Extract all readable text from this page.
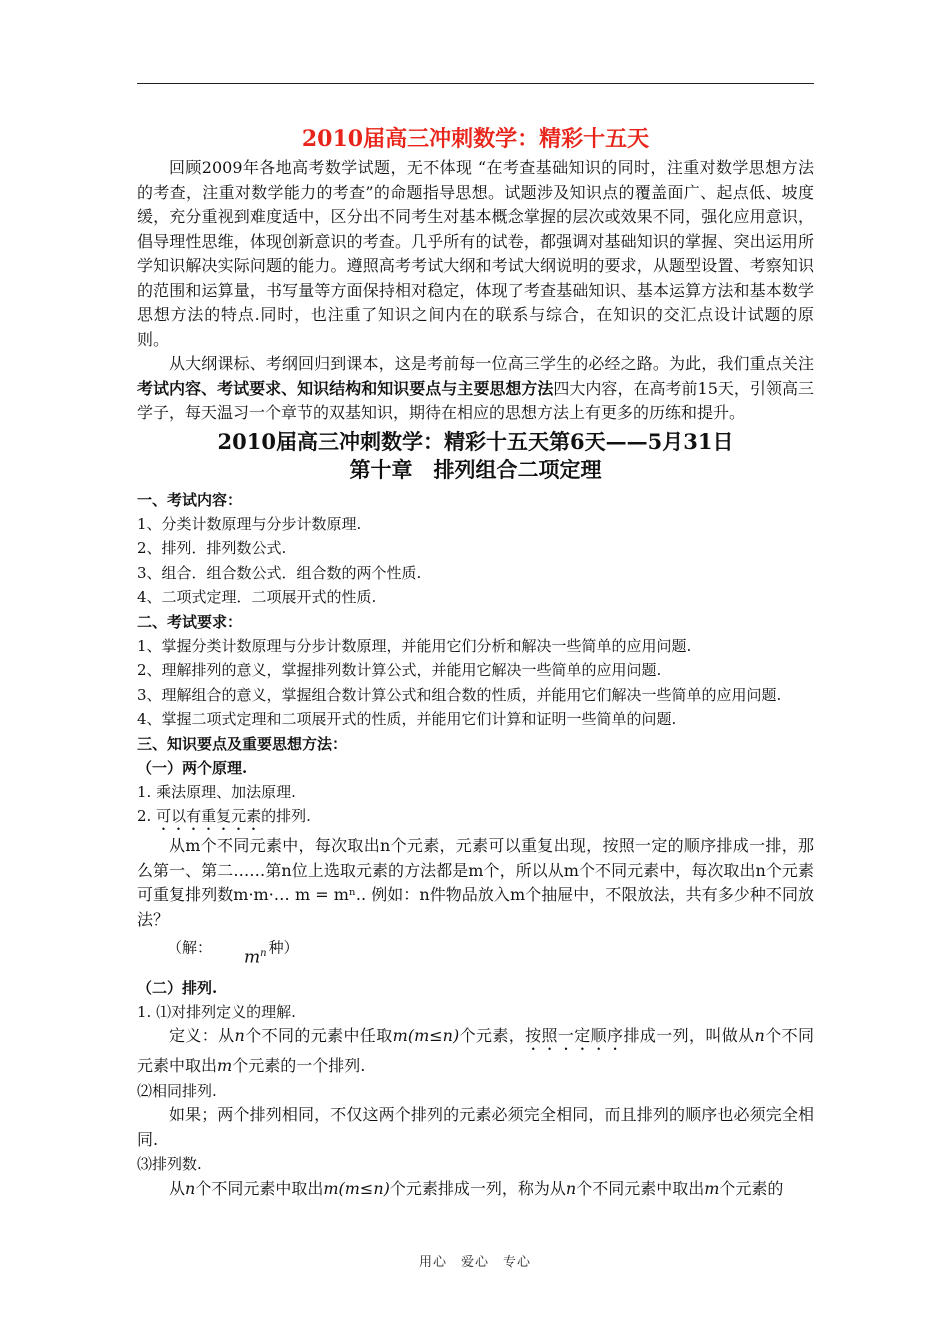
2010届高三冲刺数学：精彩十五天

回顾2009年各地高考数学试题，无不体现 “在考查基础知识的同时，注重对数学思想方法的考查，注重对数学能力的考查”的命题指导思想。试题涉及知识点的覆盖面广、起点低、坡度缓，充分重视到难度适中，区分出不同考生对基本概念掌握的层次或效果不同，强化应用意识，倡导理性思维，体现创新意识的考查。几乎所有的试卷，都强调对基础知识的掌握、突出运用所学知识解决实际问题的能力。遵照高考考试大纲和考试大纲说明的要求，从题型设置、考察知识的范围和运算量，书写量等方面保持相对稳定，体现了考查基础知识、基本运算方法和基本数学思想方法的特点.同时，也注重了知识之间内在的联系与综合，在知识的交汇点设计试题的原则。

从大纲课标、考纲回归到课本，这是考前每一位高三学生的必经之路。为此，我们重点关注考试内容、考试要求、知识结构和知识要点与主要思想方法四大内容，在高考前15天，引领高三学子，每天温习一个章节的双基知识，期待在相应的思想方法上有更多的历练和提升。

2010届高三冲刺数学：精彩十五天第6天——5月31日
第十章　排列组合二项定理

一、考试内容：

1、分类计数原理与分步计数原理.

2、排列．排列数公式.

3、组合．组合数公式．组合数的两个性质.

4、二项式定理．二项展开式的性质.

二、考试要求：

1、掌握分类计数原理与分步计数原理，并能用它们分析和解决一些简单的应用问题.

2、理解排列的意义，掌握排列数计算公式，并能用它解决一些简单的应用问题.

3、理解组合的意义，掌握组合数计算公式和组合数的性质，并能用它们解决一些简单的应用问题.

4、掌握二项式定理和二项展开式的性质，并能用它们计算和证明一些简单的问题.

三、知识要点及重要思想方法：

（一）两个原理.

1. 乘法原理、加法原理.

2. 可以有重复元素的排列.

从m个不同元素中，每次取出n个元素，元素可以重复出现，按照一定的顺序排成一排，那么第一、第二……第n位上选取元素的方法都是m个，所以从m个不同元素中，每次取出n个元素可重复排列数m·m·… m = mⁿ.. 例如：n件物品放入m个抽屉中，不限放法，共有多少种不同放法？

（解： $m^n$ 种）

（二）排列.

1. ⑴对排列定义的理解.

定义：从n个不同的元素中任取m(m≤n)个元素，按照一定顺序排成一列，叫做从n个不同元素中取出m个元素的一个排列.

⑵相同排列.

如果；两个排列相同，不仅这两个排列的元素必须完全相同，而且排列的顺序也必须完全相同.

⑶排列数.

从n个不同元素中取出m(m≤n)个元素排成一列，称为从n个不同元素中取出m个元素的

用心　爱心　专心
